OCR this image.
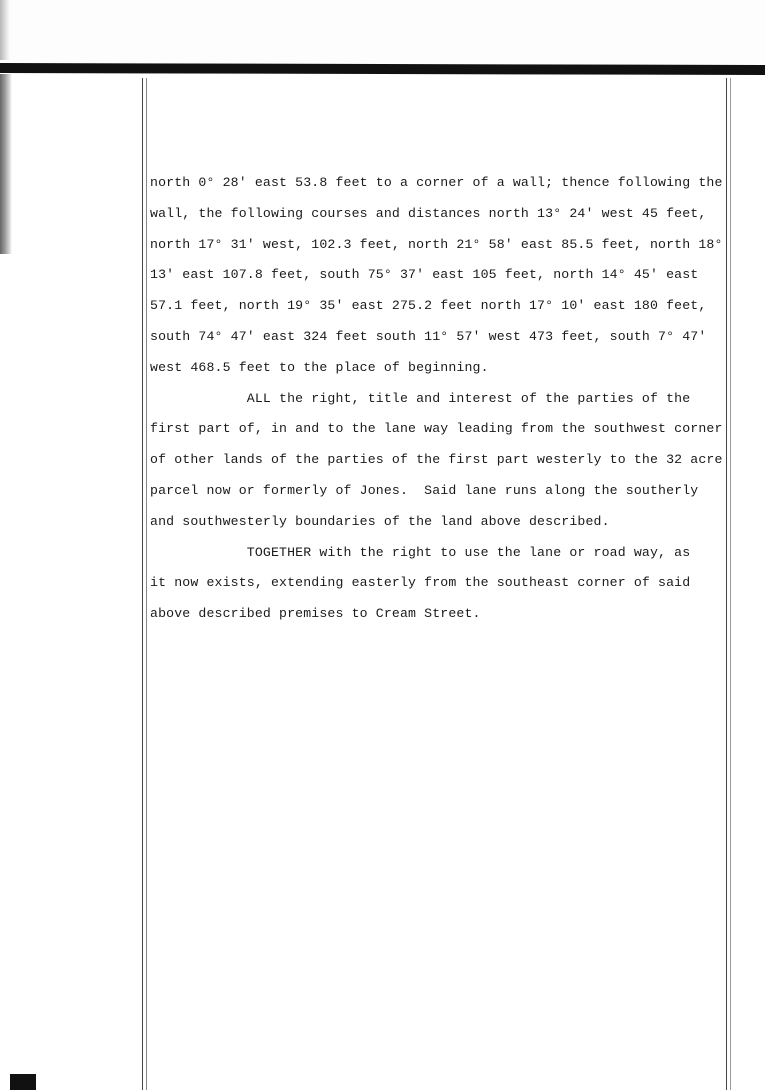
north 0° 28' east 53.8 feet to a corner of a wall; thence following the
wall, the following courses and distances north 13° 24' west 45 feet,
north 17° 31' west, 102.3 feet, north 21° 58' east 85.5 feet, north 18°
13' east 107.8 feet, south 75° 37' east 105 feet, north 14° 45' east
57.1 feet, north 19° 35' east 275.2 feet north 17° 10' east 180 feet,
south 74° 47' east 324 feet south 11° 57' west 473 feet, south 7° 47'
west 468.5 feet to the place of beginning.
ALL the right, title and interest of the parties of the
first part of, in and to the lane way leading from the southwest corner
of other lands of the parties of the first part westerly to the 32 acre
parcel now or formerly of Jones.  Said lane runs along the southerly
and southwesterly boundaries of the land above described.
TOGETHER with the right to use the lane or road way, as
it now exists, extending easterly from the southeast corner of said
above described premises to Cream Street.
